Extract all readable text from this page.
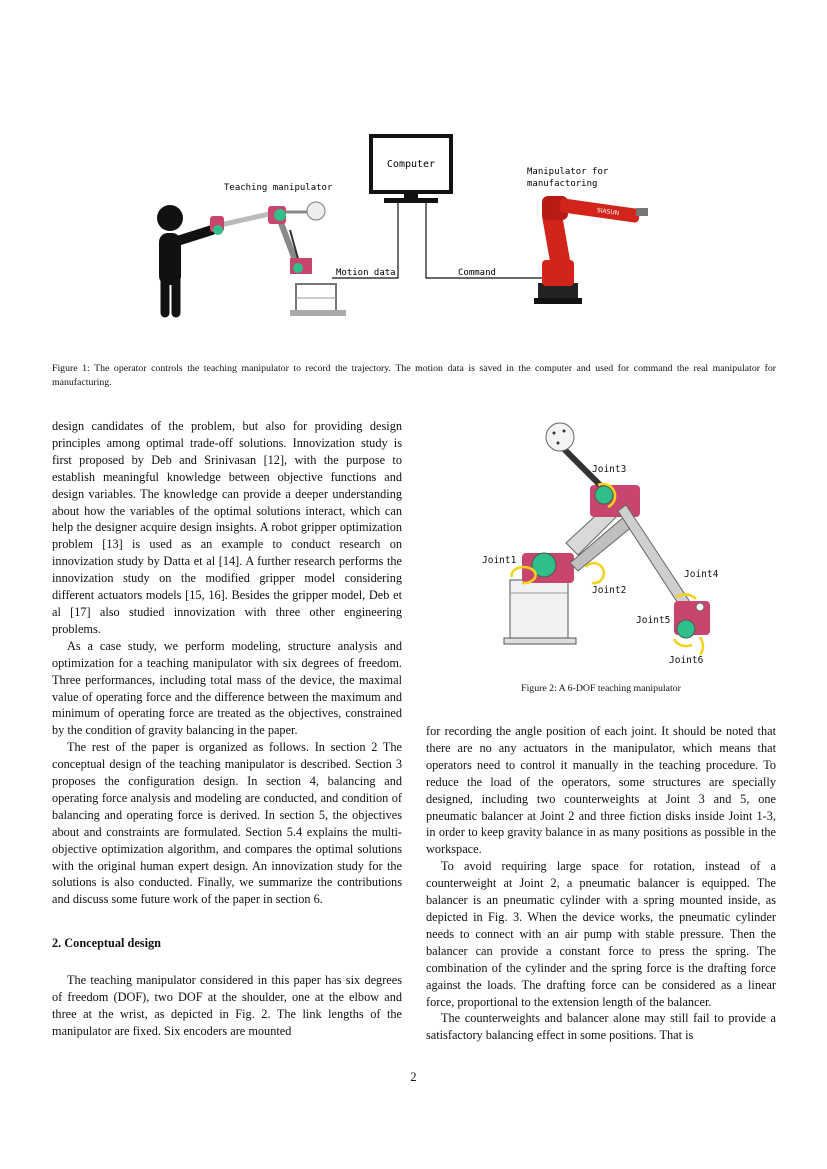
Computer
Motion data	Command
Teaching manipulator
Manipulator for
manufactoring
SIASUN
Figure 1: The operator controls the teaching manipulator to record the trajectory. The motion data is saved in the computer and used for command the real manipulator for manufacturing.

design candidates of the problem, but also for providing design principles among optimal trade-off solutions. Innovization study is first proposed by Deb and Srinivasan [12], with the purpose to establish meaningful knowledge between objective functions and design variables. The knowledge can provide a deeper understanding about how the variables of the optimal solutions interact, which can help the designer acquire design insights. A robot gripper optimization problem [13] is used as an example to conduct research on innovization study by Datta et al [14]. A further research performs the innovization study on the modified gripper model considering different actuators models [15, 16]. Besides the gripper model, Deb et al [17] also studied innovization with three other engineering problems.

As a case study, we perform modeling, structure analysis and optimization for a teaching manipulator with six degrees of freedom. Three performances, including total mass of the device, the maximal value of operating force and the difference between the maximum and minimum of operating force are treated as the objectives, constrained by the condition of gravity balancing in the paper.

The rest of the paper is organized as follows. In section 2 The conceptual design of the teaching manipulator is described. Section 3 proposes the configuration design. In section 4, balancing and operating force analysis and modeling are conducted, and condition of balancing and operating force is derived. In section 5, the objectives about and constraints are formulated. Section 5.4 explains the multi-objective optimization algorithm, and compares the optimal solutions with the original human expert design. An innovization study for the solutions is also conducted. Finally, we summarize the contributions and discuss some future work of the paper in section 6.

2. Conceptual design

The teaching manipulator considered in this paper has six degrees of freedom (DOF), two DOF at the shoulder, one at the elbow and three at the wrist, as depicted in Fig. 2. The link lengths of the manipulator are fixed. Six encoders are mounted

Joint3
Joint1
Joint2
Joint4
Joint5
Joint6
Figure 2: A 6-DOF teaching manipulator

for recording the angle position of each joint. It should be noted that there are no any actuators in the manipulator, which means that operators need to control it manually in the teaching procedure. To reduce the load of the operators, some structures are specially designed, including two counterweights at Joint 3 and 5, one pneumatic balancer at Joint 2 and three fiction disks inside Joint 1-3, in order to keep gravity balance in as many positions as possible in the workspace.

To avoid requiring large space for rotation, instead of a counterweight at Joint 2, a pneumatic balancer is equipped. The balancer is an pneumatic cylinder with a spring mounted inside, as depicted in Fig. 3. When the device works, the pneumatic cylinder needs to connect with an air pump with stable pressure. Then the balancer can provide a constant force to press the spring. The combination of the cylinder and the spring force is the drafting force against the loads. The drafting force can be considered as a linear force, proportional to the extension length of the balancer.

The counterweights and balancer alone may still fail to provide a satisfactory balancing effect in some positions. That is

2
